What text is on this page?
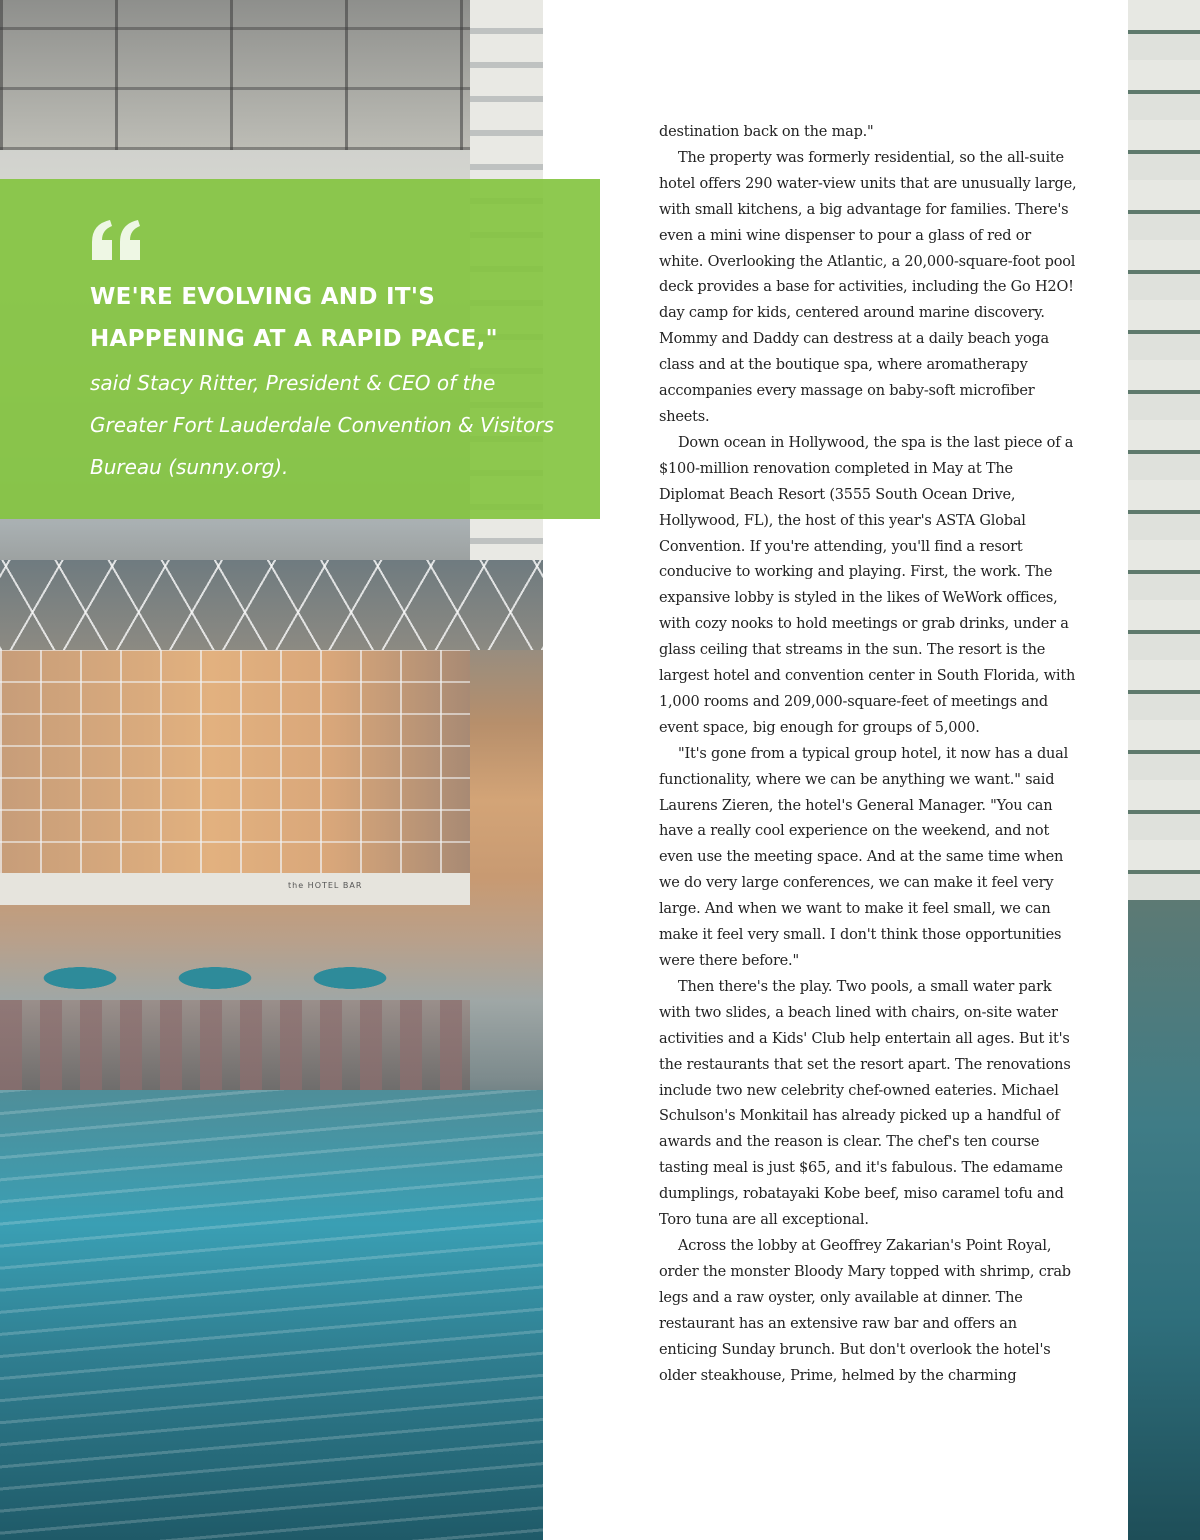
the HOTEL BAR

WE'RE EVOLVING AND IT'S HAPPENING AT A RAPID PACE,"

said Stacy Ritter, President & CEO of the Greater Fort Lauderdale Convention & Visitors Bureau (sunny.org).

destination back on the map."

The property was formerly residential, so the all-suite hotel offers 290 water-view units that are unusually large, with small kitchens, a big advantage for families. There's even a mini wine dispenser to pour a glass of red or white. Overlooking the Atlantic, a 20,000-square-foot pool deck provides a base for activities, including the Go H2O! day camp for kids, centered around marine discovery. Mommy and Daddy can destress at a daily beach yoga class and at the boutique spa, where aromatherapy accompanies every massage on baby-soft microfiber sheets.

Down ocean in Hollywood, the spa is the last piece of a $100-million renovation completed in May at The Diplomat Beach Resort (3555 South Ocean Drive, Hollywood, FL), the host of this year's ASTA Global Convention. If you're attending, you'll find a resort conducive to working and playing. First, the work. The expansive lobby is styled in the likes of WeWork offices, with cozy nooks to hold meetings or grab drinks, under a glass ceiling that streams in the sun. The resort is the largest hotel and convention center in South Florida, with 1,000 rooms and 209,000-square-feet of meetings and event space, big enough for groups of 5,000.

"It's gone from a typical group hotel, it now has a dual functionality, where we can be anything we want." said Laurens Zieren, the hotel's General Manager. "You can have a really cool experience on the weekend, and not even use the meeting space. And at the same time when we do very large conferences, we can make it feel very large. And when we want to make it feel small, we can make it feel very small. I don't think those opportunities were there before."

Then there's the play. Two pools, a small water park with two slides, a beach lined with chairs, on-site water activities and a Kids' Club help entertain all ages. But it's the restaurants that set the resort apart. The renovations include two new celebrity chef-owned eateries. Michael Schulson's Monkitail has already picked up a handful of awards and the reason is clear. The chef's ten course tasting meal is just $65, and it's fabulous. The edamame dumplings, robatayaki Kobe beef, miso caramel tofu and Toro tuna are all exceptional.

Across the lobby at Geoffrey Zakarian's Point Royal, order the monster Bloody Mary topped with shrimp, crab legs and a raw oyster, only available at dinner. The restaurant has an extensive raw bar and offers an enticing Sunday brunch. But don't overlook the hotel's older steakhouse, Prime, helmed by the charming
